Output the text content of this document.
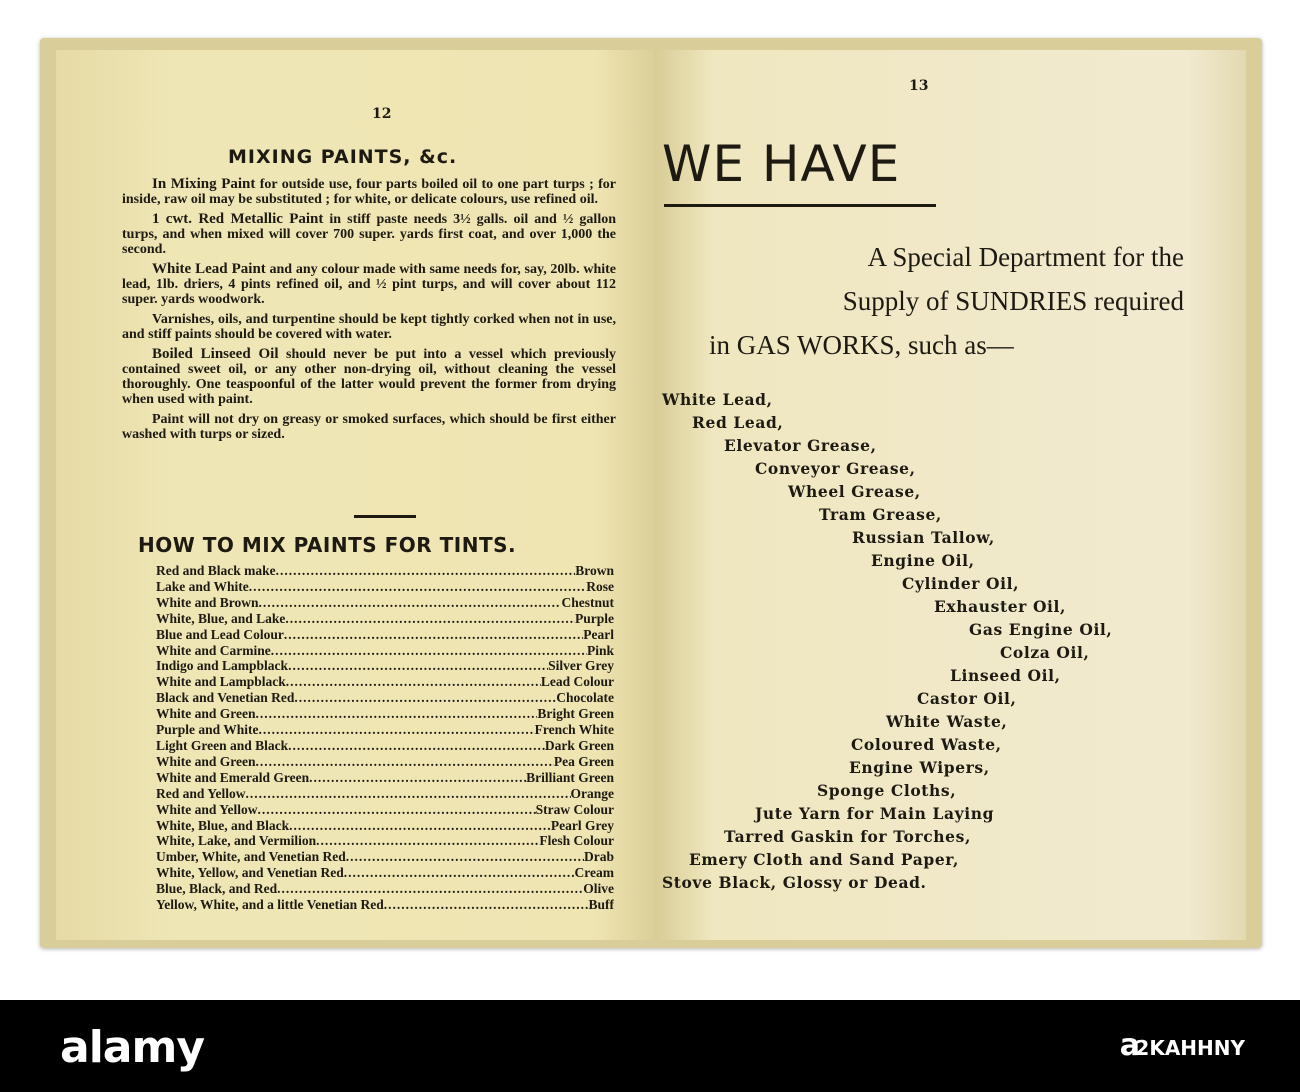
12
MIXING PAINTS, &c.

In Mixing Paint for outside use, four parts boiled oil to one part turps ; for inside, raw oil may be substituted ; for white, or delicate colours, use refined oil.

1 cwt. Red Metallic Paint in stiff paste needs 3½ galls. oil and ½ gallon turps, and when mixed will cover 700 super. yards first coat, and over 1,000 the second.

White Lead Paint and any colour made with same needs for, say, 20lb. white lead, 1lb. driers, 4 pints refined oil, and ½ pint turps, and will cover about 112 super. yards woodwork.

Varnishes, oils, and turpentine should be kept tightly corked when not in use, and stiff paints should be covered with water.

Boiled Linseed Oil should never be put into a vessel which previously contained sweet oil, or any other non-drying oil, without cleaning the vessel thoroughly. One teaspoonful of the latter would prevent the former from drying when used with paint.

Paint will not dry on greasy or smoked surfaces, which should be first either washed with turps or sized.

HOW TO MIX PAINTS FOR TINTS.
Red and Black make .....	Brown
Lake and White .....	Rose
White and Brown .....	Chestnut
White, Blue, and Lake .....	Purple
Blue and Lead Colour .....	Pearl
White and Carmine .....	Pink
Indigo and Lampblack .....	Silver Grey
White and Lampblack .....	Lead Colour
Black and Venetian Red .....	Chocolate
White and Green .....	Bright Green
Purple and White .....	French White
Light Green and Black .....	Dark Green
White and Green .....	Pea Green
White and Emerald Green .....	Brilliant Green
Red and Yellow .....	Orange
White and Yellow .....	Straw Colour
White, Blue, and Black .....	Pearl Grey
White, Lake, and Vermilion .....	Flesh Colour
Umber, White, and Venetian Red .....	Drab
White, Yellow, and Venetian Red .....	Cream
Blue, Black, and Red .....	Olive
Yellow, White, and a little Venetian Red .....	Buff
13
WE HAVE
A Special Department for the
Supply of SUNDRIES required
in GAS WORKS, such as—
White Lead,
Red Lead,
Elevator Grease,
Conveyor Grease,
Wheel Grease,
Tram Grease,
Russian Tallow,
Engine Oil,
Cylinder Oil,
Exhauster Oil,
Gas Engine Oil,
Colza Oil,
Linseed Oil,
Castor Oil,
White Waste,
Coloured Waste,
Engine Wipers,
Sponge Cloths,
Jute Yarn for Main Laying
Tarred Gaskin for Torches,
Emery Cloth and Sand Paper,
Stove Black, Glossy or Dead.
alamy	a
2KAHHNY
